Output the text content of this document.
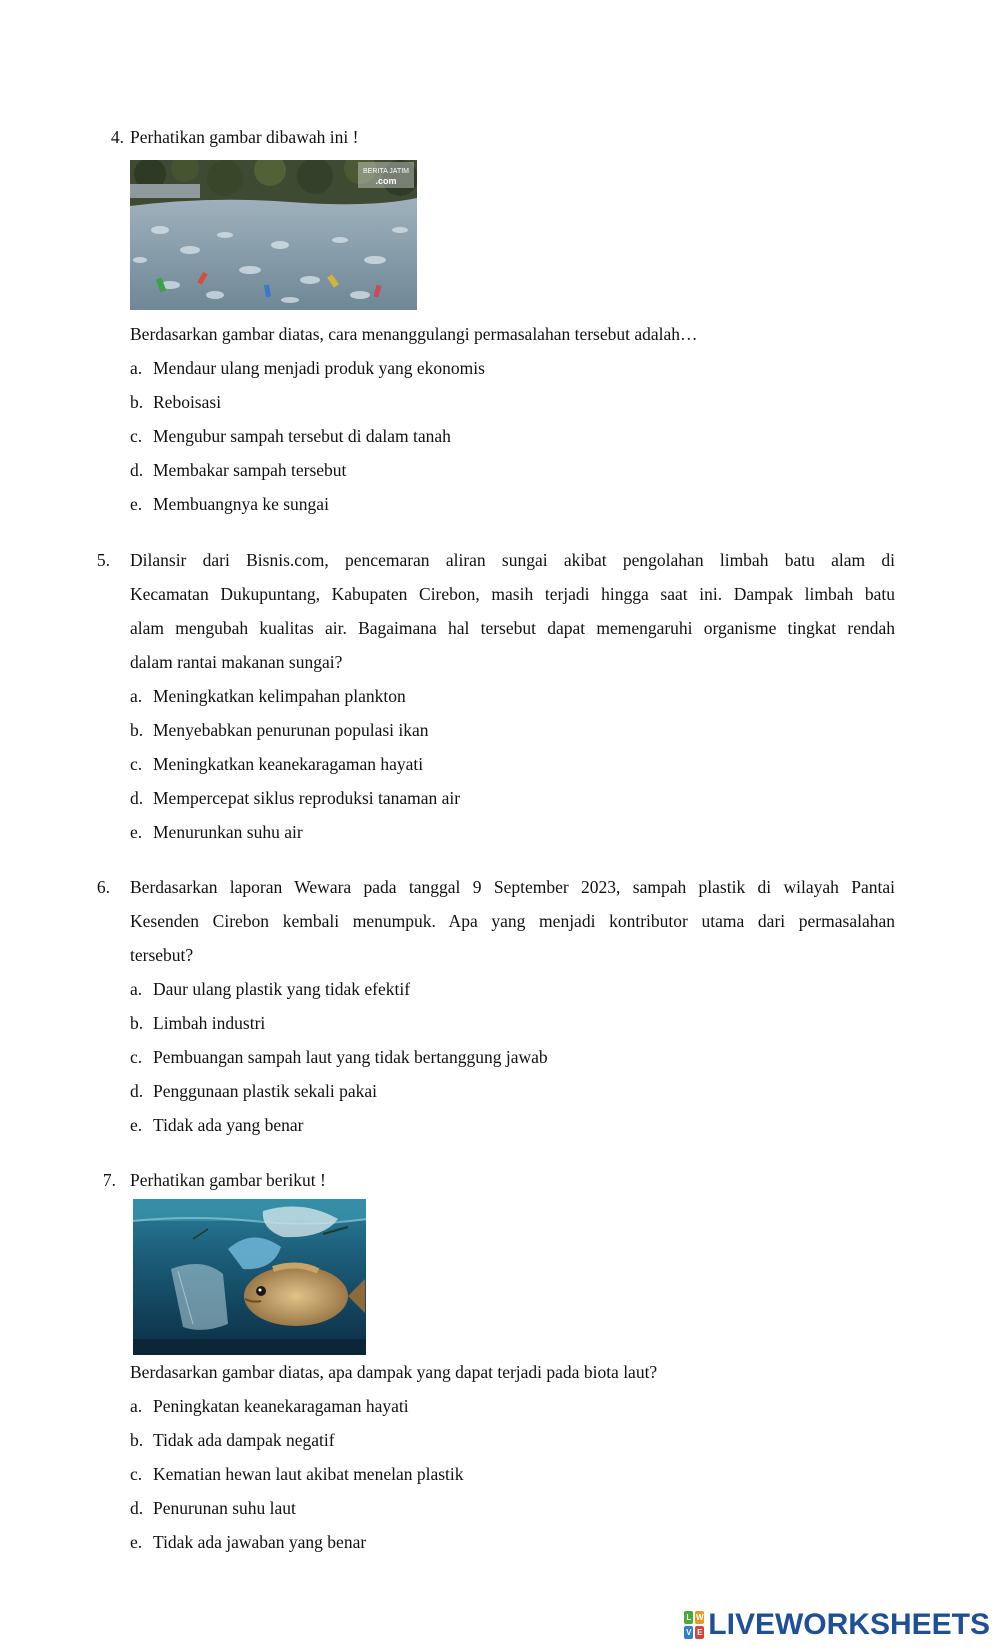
4. Perhatikan gambar dibawah ini !
BERITA JATIM
.com
Berdasarkan gambar diatas, cara menanggulangi permasalahan tersebut adalah…
a. Mendaur ulang menjadi produk yang ekonomis
b. Reboisasi
c. Mengubur sampah tersebut di dalam tanah
d. Membakar sampah tersebut
e. Membuangnya ke sungai
5. Dilansir dari Bisnis.com, pencemaran aliran sungai akibat pengolahan limbah batu alam di
Kecamatan Dukupuntang, Kabupaten Cirebon, masih terjadi hingga saat ini. Dampak limbah batu
alam mengubah kualitas air. Bagaimana hal tersebut dapat memengaruhi organisme tingkat rendah
dalam rantai makanan sungai?
a. Meningkatkan kelimpahan plankton
b. Menyebabkan penurunan populasi ikan
c. Meningkatkan keanekaragaman hayati
d. Mempercepat siklus reproduksi tanaman air
e. Menurunkan suhu air
6. Berdasarkan laporan Wewara pada tanggal 9 September 2023, sampah plastik di wilayah Pantai
Kesenden Cirebon kembali menumpuk. Apa yang menjadi kontributor utama dari permasalahan
tersebut?
a. Daur ulang plastik yang tidak efektif
b. Limbah industri
c. Pembuangan sampah laut yang tidak bertanggung jawab
d. Penggunaan plastik sekali pakai
e. Tidak ada yang benar
7. Perhatikan gambar berikut !
Berdasarkan gambar diatas, apa dampak yang dapat terjadi pada biota laut?
a. Peningkatan keanekaragaman hayati
b. Tidak ada dampak negatif
c. Kematian hewan laut akibat menelan plastik
d. Penurunan suhu laut
e. Tidak ada jawaban yang benar
L W
V E LIVEWORKSHEETS
